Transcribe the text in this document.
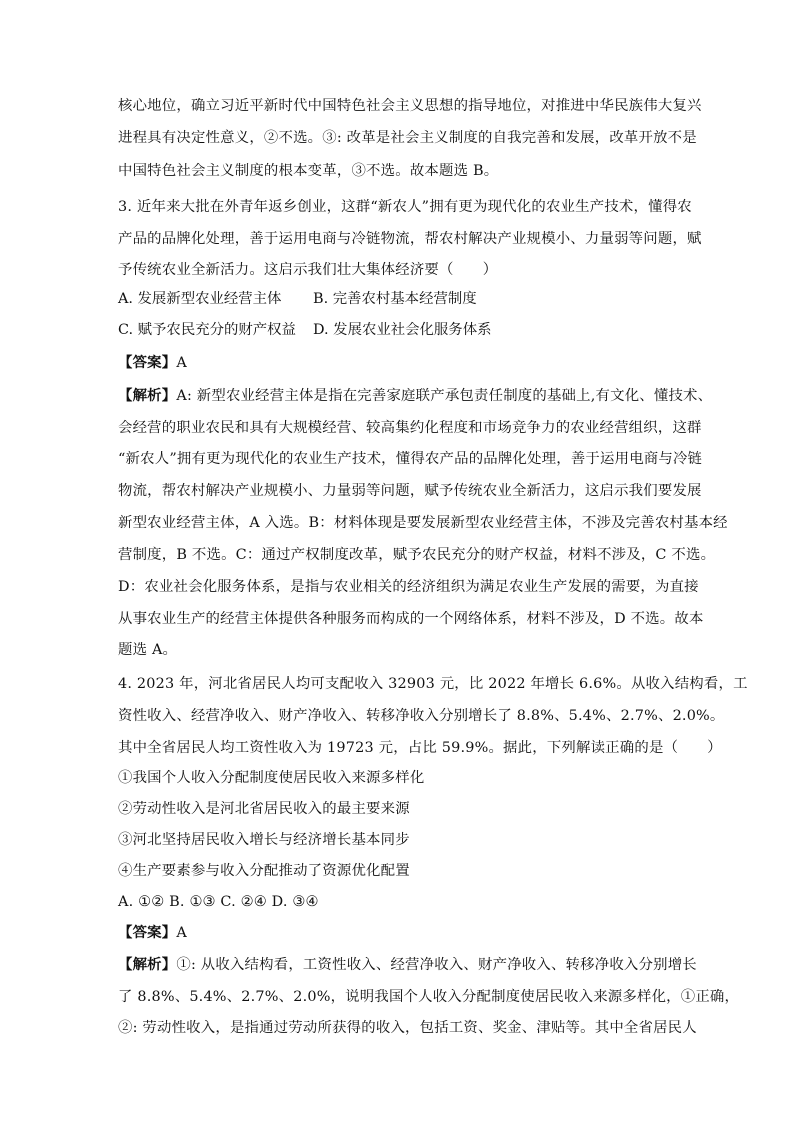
核心地位，确立习近平新时代中国特色社会主义思想的指导地位，对推进中华民族伟大复兴
进程具有决定性意义，②不选。③: 改革是社会主义制度的自我完善和发展，改革开放不是
中国特色社会主义制度的根本变革，③不选。故本题选 B。
3. 近年来大批在外青年返乡创业，这群“新农人”拥有更为现代化的农业生产技术，懂得农
产品的品牌化处理，善于运用电商与冷链物流，帮农村解决产业规模小、力量弱等问题，赋
予传统农业全新活力。这启示我们壮大集体经济要（　　）
A. 发展新型农业经营主体 B. 完善农村基本经营制度
C. 赋予农民充分的财产权益 D. 发展农业社会化服务体系
【答案】A
【解析】A: 新型农业经营主体是指在完善家庭联产承包责任制度的基础上,有文化、懂技术、
会经营的职业农民和具有大规模经营、较高集约化程度和市场竞争力的农业经营组织，这群
“新农人”拥有更为现代化的农业生产技术，懂得农产品的品牌化处理，善于运用电商与冷链
物流，帮农村解决产业规模小、力量弱等问题，赋予传统农业全新活力，这启示我们要发展
新型农业经营主体，A 入选。B：材料体现是要发展新型农业经营主体，不涉及完善农村基本经
营制度，B 不选。C：通过产权制度改革，赋予农民充分的财产权益，材料不涉及，C 不选。
D：农业社会化服务体系，是指与农业相关的经济组织为满足农业生产发展的需要，为直接
从事农业生产的经营主体提供各种服务而构成的一个网络体系，材料不涉及，D 不选。故本
题选 A。
4. 2023 年，河北省居民人均可支配收入 32903 元，比 2022 年增长 6.6%。从收入结构看，工
资性收入、经营净收入、财产净收入、转移净收入分别增长了 8.8%、5.4%、2.7%、2.0%。
其中全省居民人均工资性收入为 19723 元，占比 59.9%。据此，下列解读正确的是（　　）
①我国个人收入分配制度使居民收入来源多样化
②劳动性收入是河北省居民收入的最主要来源
③河北坚持居民收入增长与经济增长基本同步
④生产要素参与收入分配推动了资源优化配置
A. ①② B. ①③ C. ②④ D. ③④
【答案】A
【解析】①: 从收入结构看，工资性收入、经营净收入、财产净收入、转移净收入分别增长
了 8.8%、5.4%、2.7%、2.0%，说明我国个人收入分配制度使居民收入来源多样化，①正确，
②: 劳动性收入，是指通过劳动所获得的收入，包括工资、奖金、津贴等。其中全省居民人
